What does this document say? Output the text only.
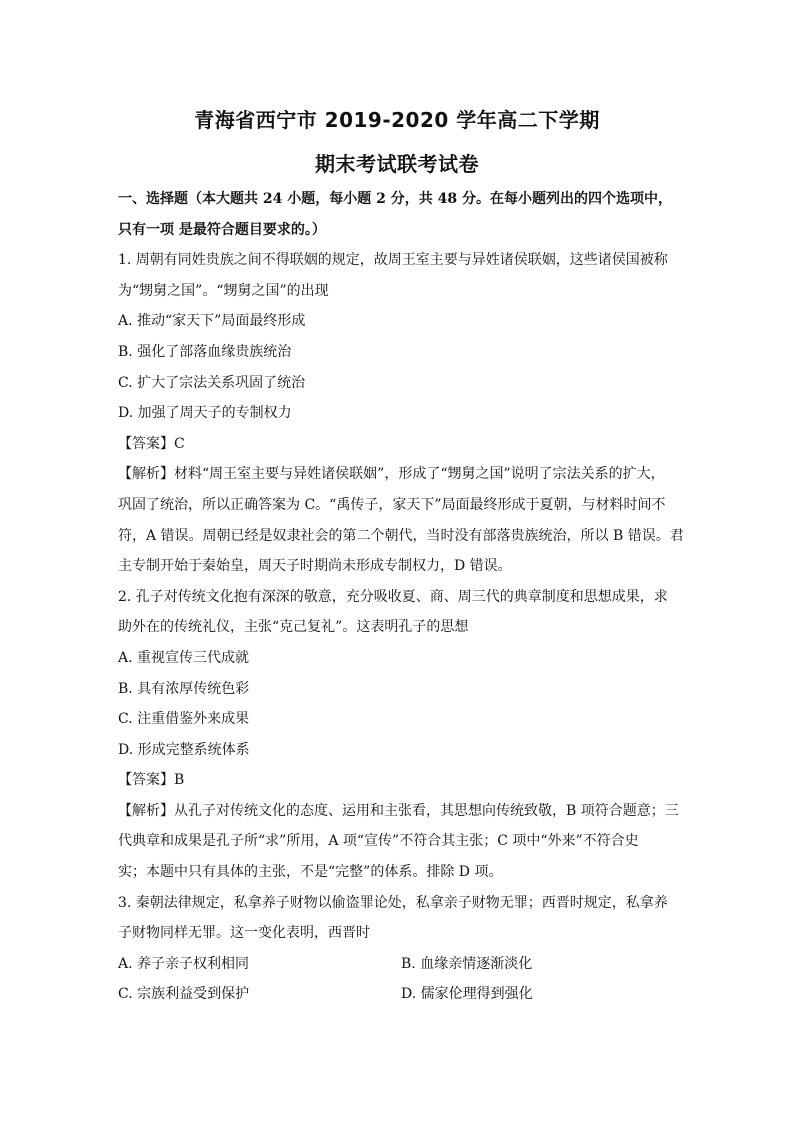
青海省西宁市 2019-2020 学年高二下学期
期末考试联考试卷
一、选择题（本大题共 24 小题，每小题 2 分，共 48 分。在每小题列出的四个选项中，
只有一项 是最符合题目要求的。）
1. 周朝有同姓贵族之间不得联姻的规定，故周王室主要与异姓诸侯联姻，这些诸侯国被称
为“甥舅之国”。“甥舅之国”的出现
A. 推动“家天下”局面最终形成
B. 强化了部落血缘贵族统治
C. 扩大了宗法关系巩固了统治
D. 加强了周天子的专制权力
【答案】C
【解析】材料“周王室主要与异姓诸侯联姻”，形成了“甥舅之国”说明了宗法关系的扩大，
巩固了统治，所以正确答案为 C。“禹传子，家天下”局面最终形成于夏朝，与材料时间不
符，A 错误。周朝已经是奴隶社会的第二个朝代，当时没有部落贵族统治，所以 B 错误。君
主专制开始于秦始皇，周天子时期尚未形成专制权力，D 错误。
2. 孔子对传统文化抱有深深的敬意，充分吸收夏、商、周三代的典章制度和思想成果，求
助外在的传统礼仪，主张“克己复礼”。这表明孔子的思想
A. 重视宣传三代成就
B. 具有浓厚传统色彩
C. 注重借鉴外来成果
D. 形成完整系统体系
【答案】B
【解析】从孔子对传统文化的态度、运用和主张看，其思想向传统致敬，B 项符合题意；三
代典章和成果是孔子所“求”所用，A 项“宣传”不符合其主张；C 项中“外来”不符合史
实；本题中只有具体的主张，不是“完整”的体系。排除 D 项。
3. 秦朝法律规定，私拿养子财物以偷盗罪论处，私拿亲子财物无罪；西晋时规定，私拿养
子财物同样无罪。这一变化表明，西晋时
A. 养子亲子权利相同	B. 血缘亲情逐渐淡化
C. 宗族利益受到保护	D. 儒家伦理得到强化
